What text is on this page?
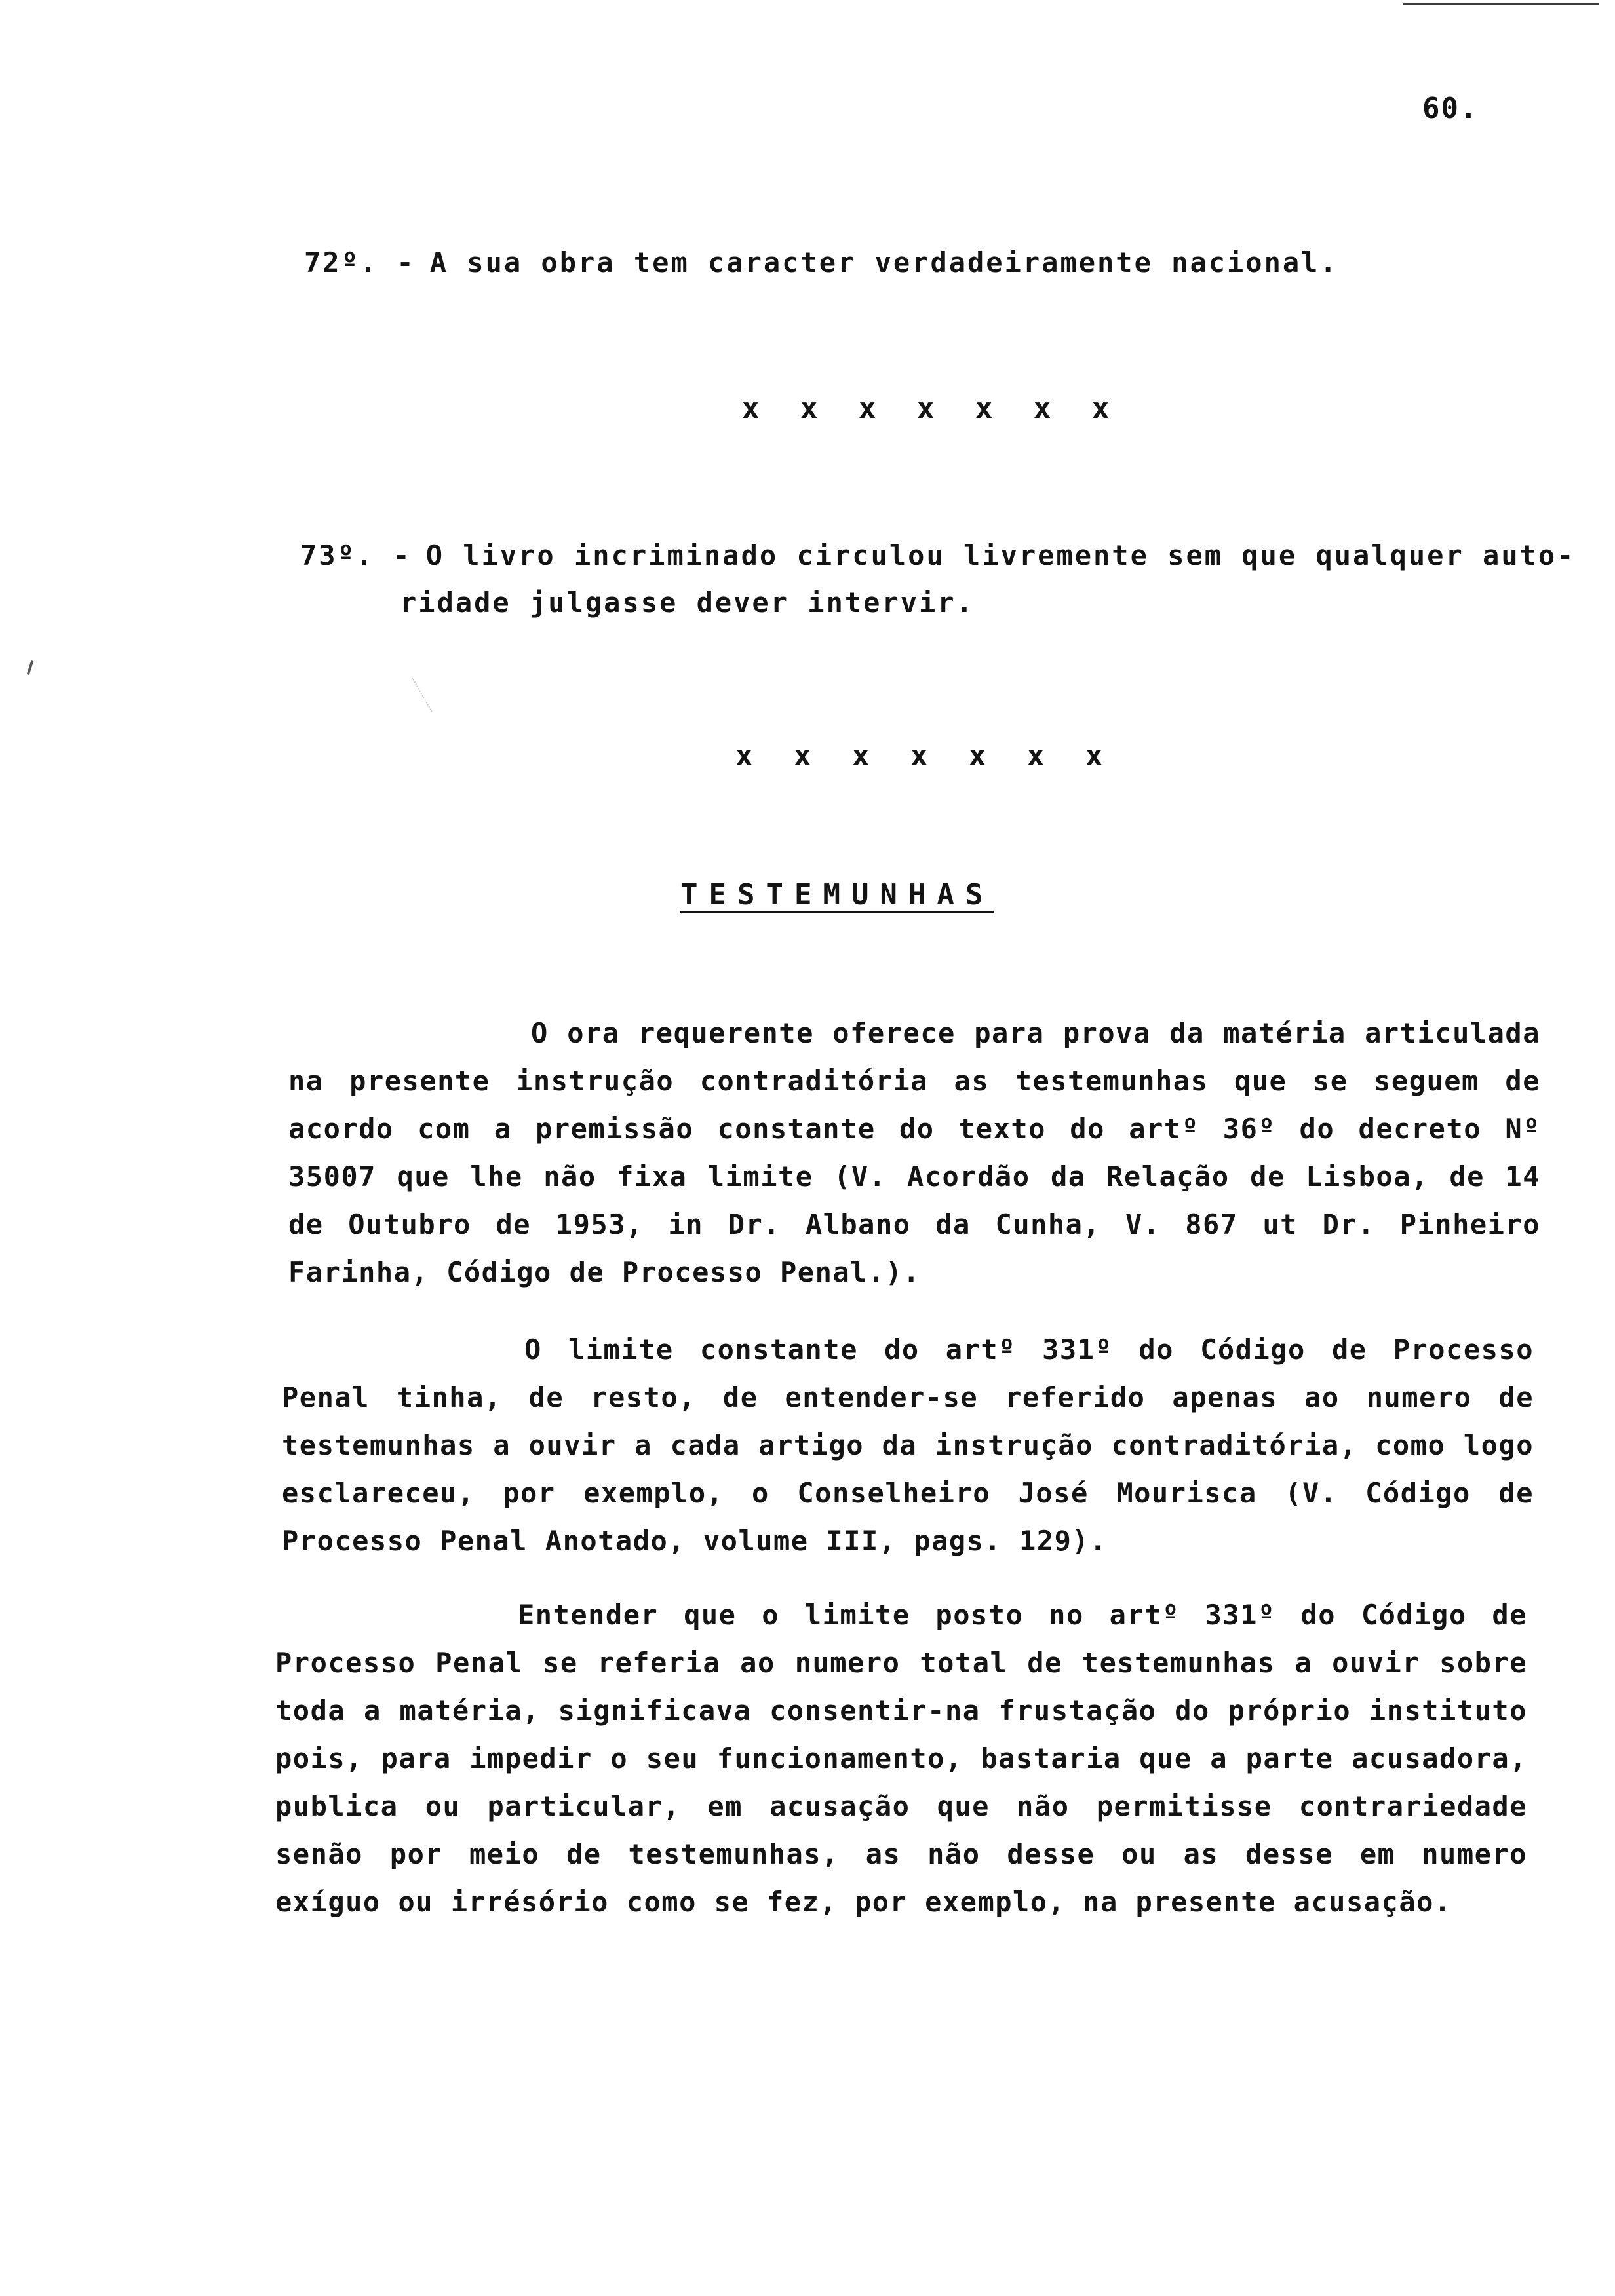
60.
72º. - A sua obra tem caracter verdadeiramente nacional.
x x x x x x x
73º. - O livro incriminado circulou livremente sem que qualquer auto-
ridade julgasse dever intervir.
x x x x x x x
TESTEMUNHAS

O ora requerente oferece para prova da matéria articulada na presente instrução contraditória as testemunhas que se seguem de acordo com a premissão constante do texto do artº 36º do decreto Nº 35007 que lhe não fixa limite (V. Acordão da Relação de Lisboa, de 14 de Outubro de 1953, in Dr. Albano da Cunha, V. 867 ut Dr. Pinheiro Farinha, Código de Processo Penal.).

O limite constante do artº 331º do Código de Processo Penal tinha, de resto, de entender-se referido apenas ao numero de testemunhas a ouvir a cada artigo da instrução contraditória, como logo esclareceu, por exemplo, o Conselheiro José Mourisca (V. Código de Processo Penal Anotado, volume III, pags. 129).

Entender que o limite posto no artº 331º do Código de Processo Penal se referia ao numero total de testemunhas a ouvir sobre toda a matéria, significava consentir-na frustação do próprio instituto pois, para impedir o seu funcionamento, bastaria que a parte acusadora, publica ou particular, em acusação que não permitisse contrariedade senão por meio de testemunhas, as não desse ou as desse em numero exíguo ou irrésório como se fez, por exemplo, na presente acusação.
